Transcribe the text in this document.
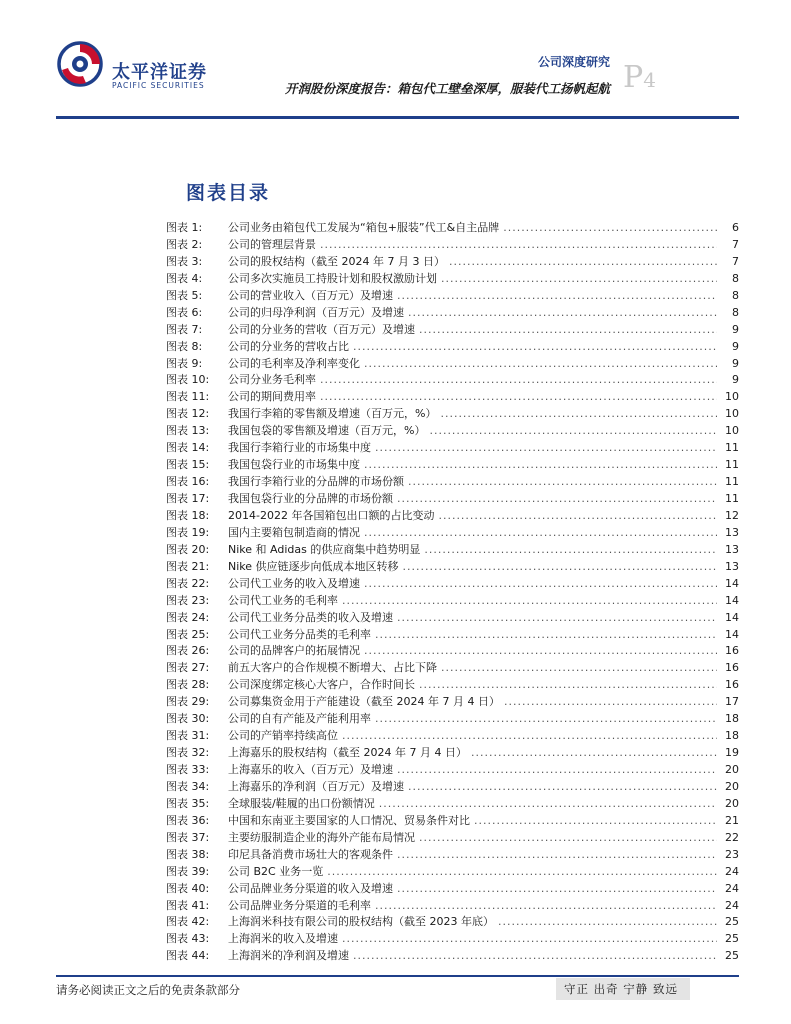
太平洋证券
PACIFIC SECURITIES
公司深度研究
开润股份深度报告：箱包代工壁垒深厚，服装代工扬帆起航 P4
图表目录
图表 1:	公司业务由箱包代工发展为“箱包+服装”代工&自主品牌 .....	6
图表 2:	公司的管理层背景 .....	7
图表 3:	公司的股权结构（截至 2024 年 7 月 3 日） .....	7
图表 4:	公司多次实施员工持股计划和股权激励计划 .....	8
图表 5:	公司的营业收入（百万元）及增速 .....	8
图表 6:	公司的归母净利润（百万元）及增速 .....	8
图表 7:	公司的分业务的营收（百万元）及增速 .....	9
图表 8:	公司的分业务的营收占比 .....	9
图表 9:	公司的毛利率及净利率变化 .....	9
图表 10:	公司分业务毛利率 .....	9
图表 11:	公司的期间费用率 .....	10
图表 12:	我国行李箱的零售额及增速（百万元，%） .....	10
图表 13:	我国包袋的零售额及增速（百万元，%） .....	10
图表 14:	我国行李箱行业的市场集中度 .....	11
图表 15:	我国包袋行业的市场集中度 .....	11
图表 16:	我国行李箱行业的分品牌的市场份额 .....	11
图表 17:	我国包袋行业的分品牌的市场份额 .....	11
图表 18:	2014-2022 年各国箱包出口额的占比变动 .....	12
图表 19:	国内主要箱包制造商的情况 .....	13
图表 20:	Nike 和 Adidas 的供应商集中趋势明显 .....	13
图表 21:	Nike 供应链逐步向低成本地区转移 .....	13
图表 22:	公司代工业务的收入及增速 .....	14
图表 23:	公司代工业务的毛利率 .....	14
图表 24:	公司代工业务分品类的收入及增速 .....	14
图表 25:	公司代工业务分品类的毛利率 .....	14
图表 26:	公司的品牌客户的拓展情况 .....	16
图表 27:	前五大客户的合作规模不断增大、占比下降 .....	16
图表 28:	公司深度绑定核心大客户，合作时间长 .....	16
图表 29:	公司募集资金用于产能建设（截至 2024 年 7 月 4 日） .....	17
图表 30:	公司的自有产能及产能利用率 .....	18
图表 31:	公司的产销率持续高位 .....	18
图表 32:	上海嘉乐的股权结构（截至 2024 年 7 月 4 日） .....	19
图表 33:	上海嘉乐的收入（百万元）及增速 .....	20
图表 34:	上海嘉乐的净利润（百万元）及增速 .....	20
图表 35:	全球服装/鞋履的出口份额情况 .....	20
图表 36:	中国和东南亚主要国家的人口情况、贸易条件对比 .....	21
图表 37:	主要纺服制造企业的海外产能布局情况 .....	22
图表 38:	印尼具备消费市场壮大的客观条件 .....	23
图表 39:	公司 B2C 业务一览 .....	24
图表 40:	公司品牌业务分渠道的收入及增速 .....	24
图表 41:	公司品牌业务分渠道的毛利率 .....	24
图表 42:	上海润米科技有限公司的股权结构（截至 2023 年底） .....	25
图表 43:	上海润米的收入及增速 .....	25
图表 44:	上海润米的净利润及增速 .....	25
请务必阅读正文之后的免责条款部分	守正 出奇 宁静 致远
